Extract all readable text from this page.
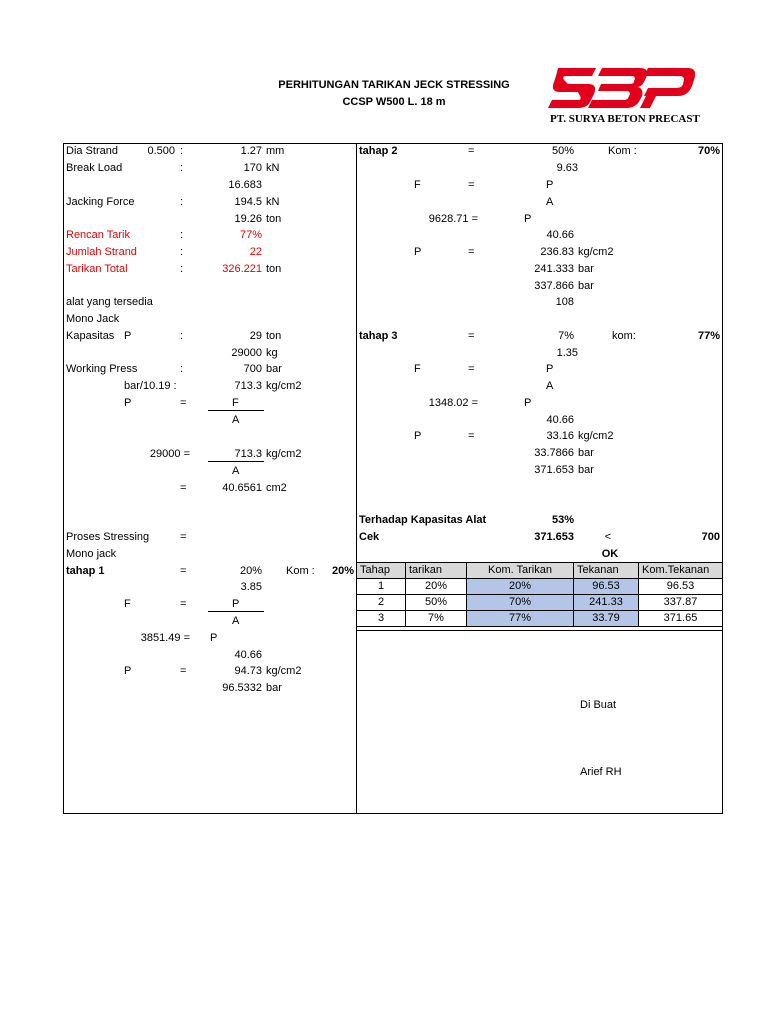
PERHITUNGAN TARIKAN JECK STRESSING
CCSP W500 L. 18 m
PT. SURYA BETON PRECAST
Dia Strand	0.500 :	1.27 mm
Break Load	:	170 kN
16.683
Jacking Force	:	194.5 kN
19.26 ton
Rencan Tarik	:	77%
Jumlah Strand	:	22
Tarikan Total	:	326.221 ton
alat yang tersedia
Mono Jack
Kapasitas P	:	29 ton
29000 kg
Working Press	:	700 bar
bar/10.19 :	713.3 kg/cm2
P	=	F
A
29000 =	713.3 kg/cm2
A
=	40.6561 cm2
Proses Stressing	=
Mono jack
tahap 1	=	20% Kom :	20%
3.85
F	=	P
A
3851.49 = P
40.66
P	=	94.73 kg/cm2
96.5332 bar
tahap 2	=	50%	Kom :	70%
9.63
F	=	P
A
9628.71 =	P
40.66
P	=	236.83 kg/cm2
241.333 bar
337.866 bar
108
tahap 3	=	7%	kom:	77%
1.35
F	=	P
A
1348.02 =	P
40.66
P	=	33.16 kg/cm2
33.7866 bar
371.653 bar
Terhadap Kapasitas Alat	53%
Cek	371.653	<	700
OK
Tahap	tarikan	Kom. Tarikan	Tekanan	Kom.Tekanan
1	20%	20%	96.53	96.53
2	50%	70%	241.33	337.87
3	7%	77%	33.79	371.65
Di Buat
Arief RH
